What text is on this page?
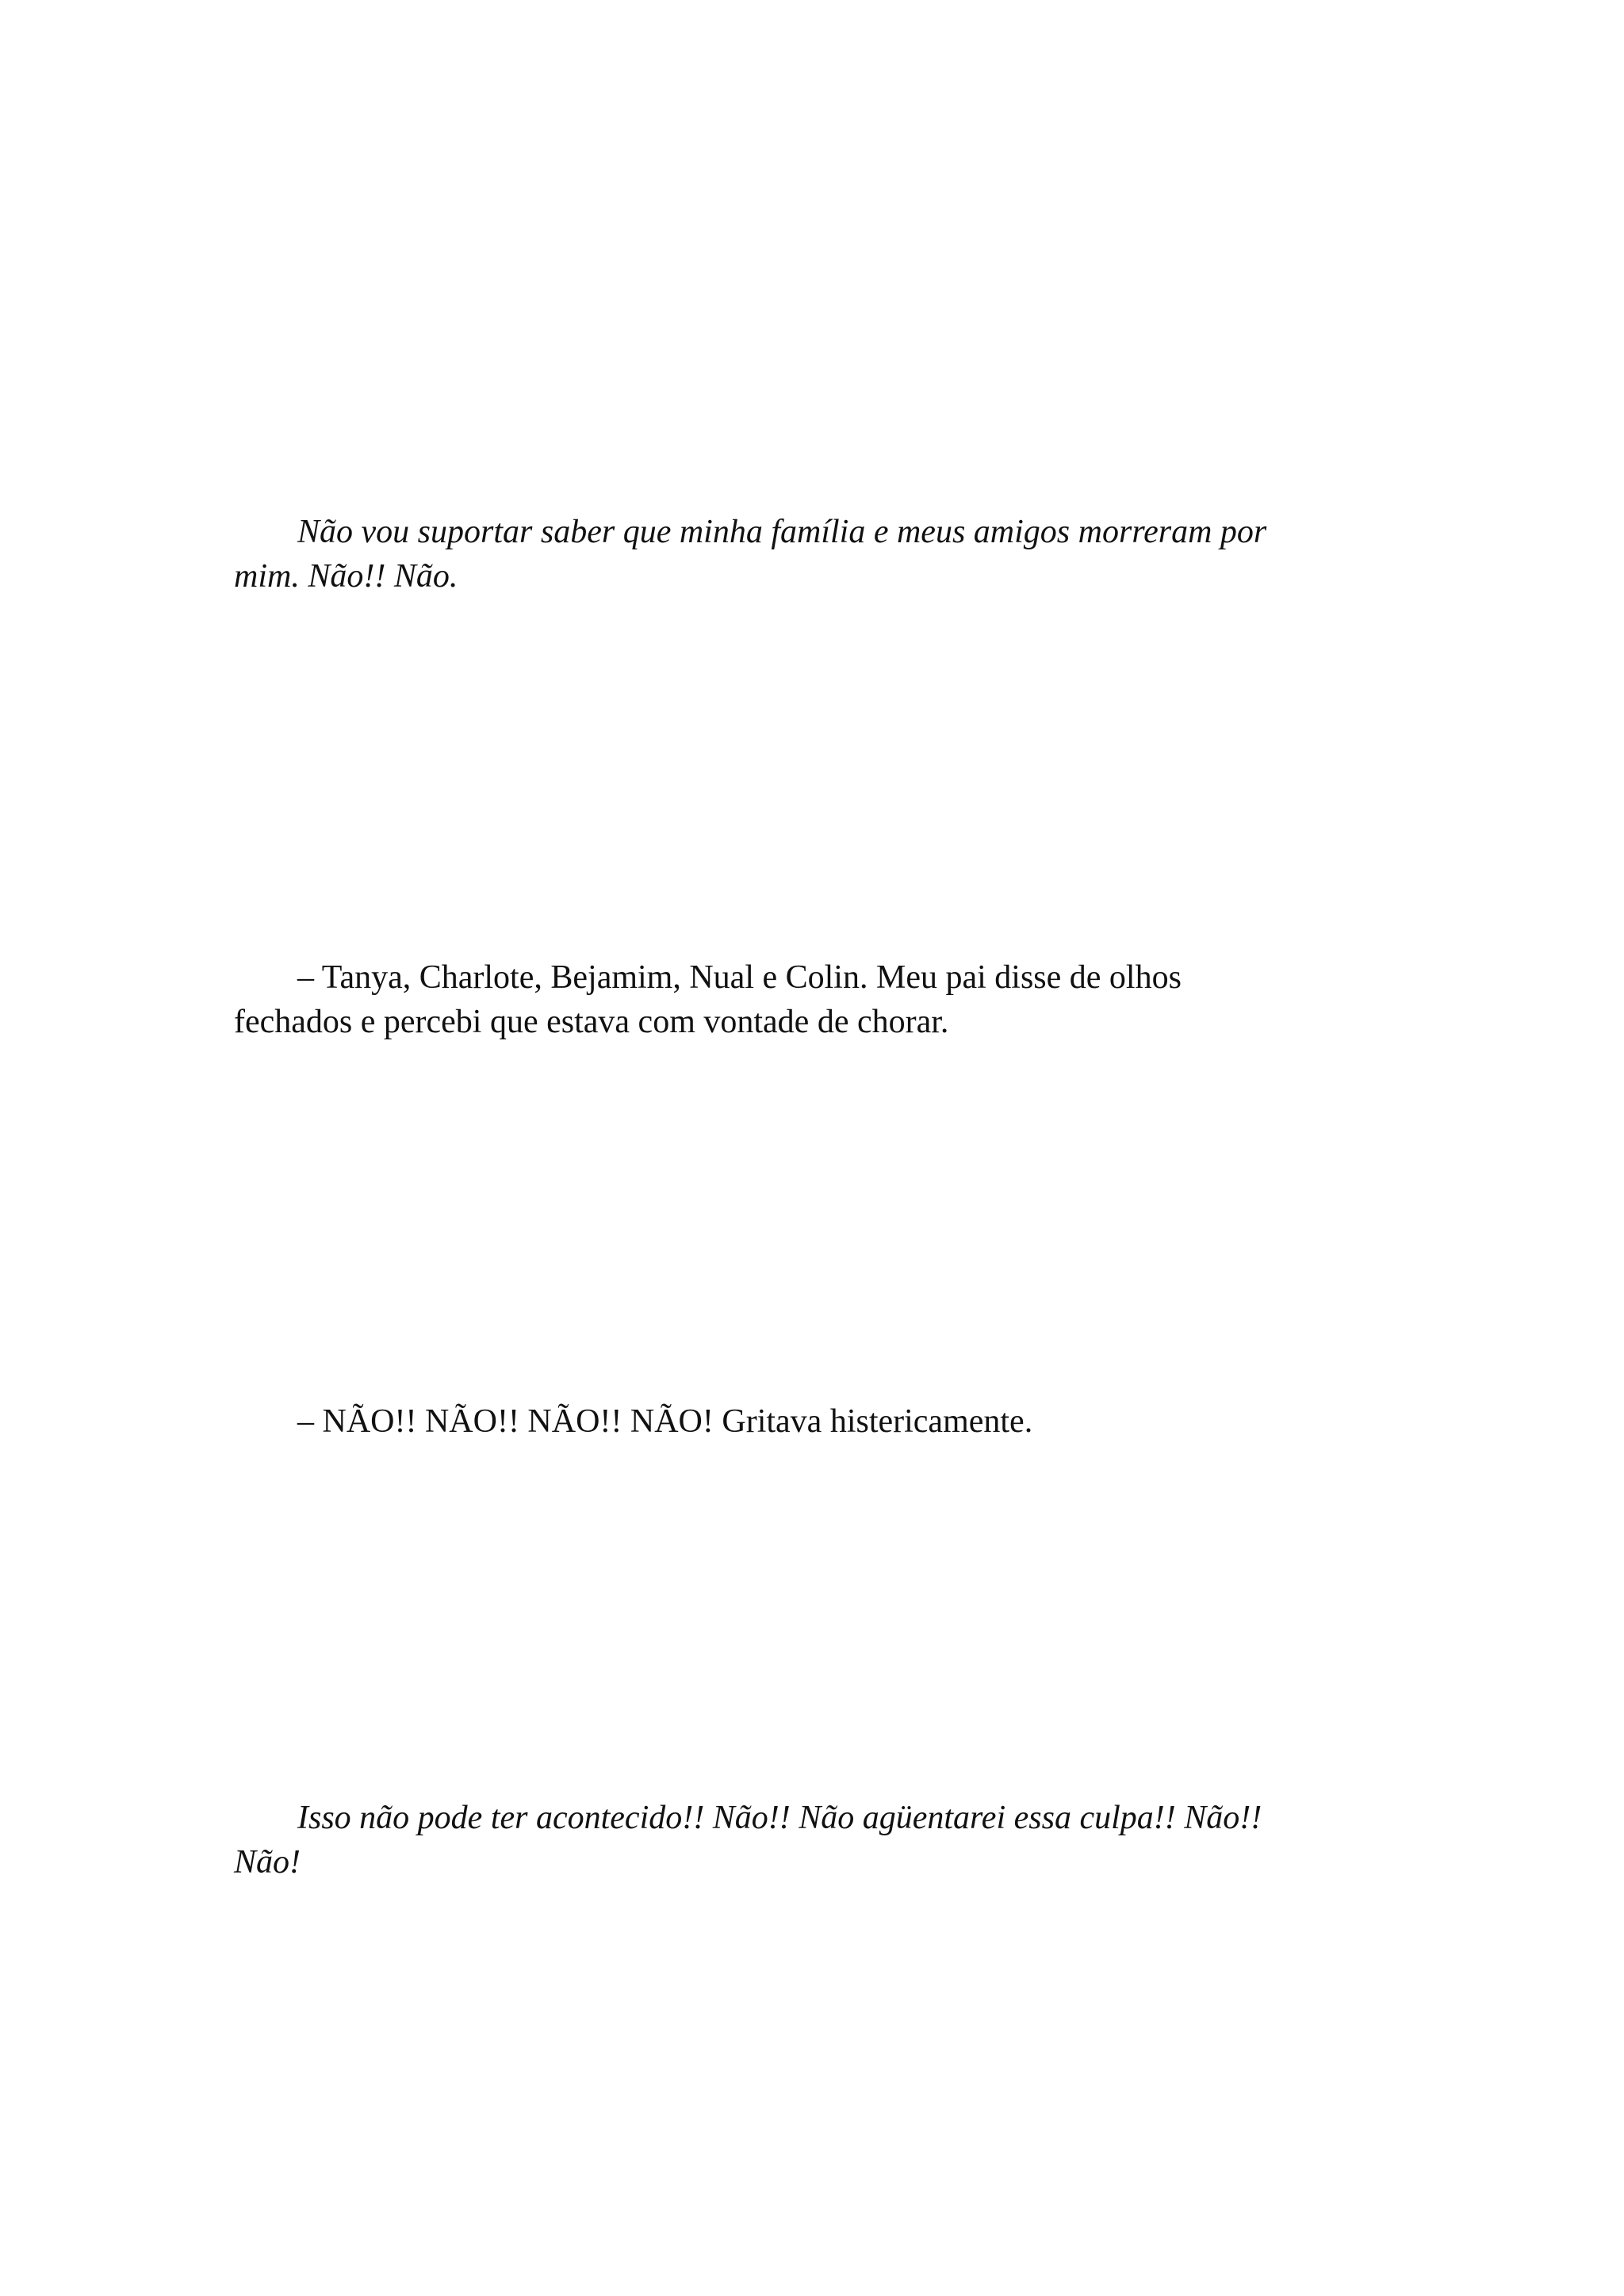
Não vou suportar saber que minha família e meus amigos morreram por
mim. Não!! Não.

– Tanya, Charlote, Bejamim, Nual e Colin. Meu pai disse de olhos
fechados e percebi que estava com vontade de chorar.

– NÃO!! NÃO!! NÃO!! NÃO! Gritava histericamente.

Isso não pode ter acontecido!! Não!! Não agüentarei essa culpa!! Não!!
Não!
